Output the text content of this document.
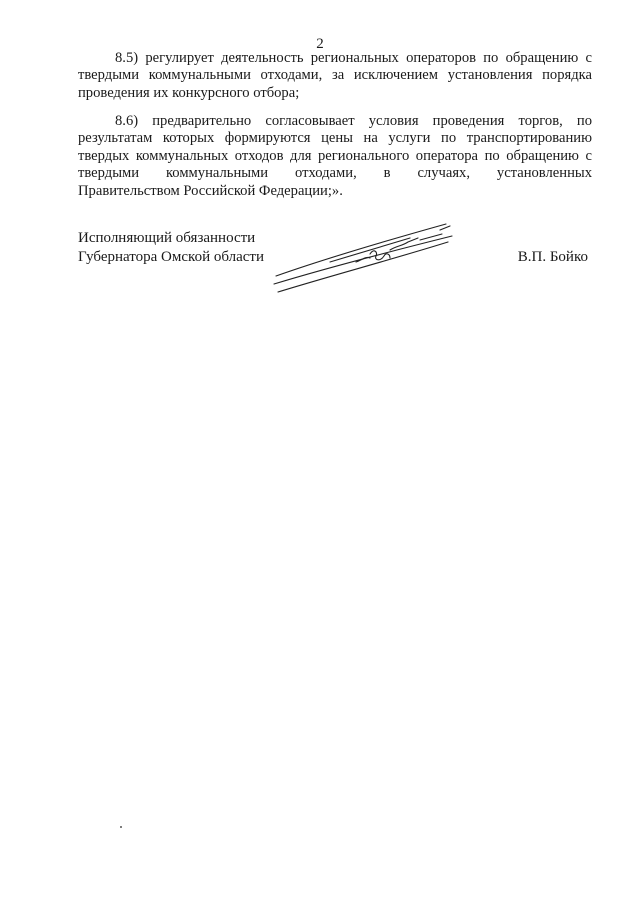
2
8.5) регулирует деятельность региональных операторов по обращению с
твердыми коммунальными отходами, за исключением установления порядка
проведения их конкурсного отбора;
8.6) предварительно согласовывает условия проведения торгов, по
результатам которых формируются цены на услуги по транспортированию
твердых коммунальных отходов для регионального оператора по обращению с
твердыми коммунальными отходами, в случаях, установленных
Правительством Российской Федерации;».
Исполняющий обязанности
Губернатора Омской области	В.П. Бойко
